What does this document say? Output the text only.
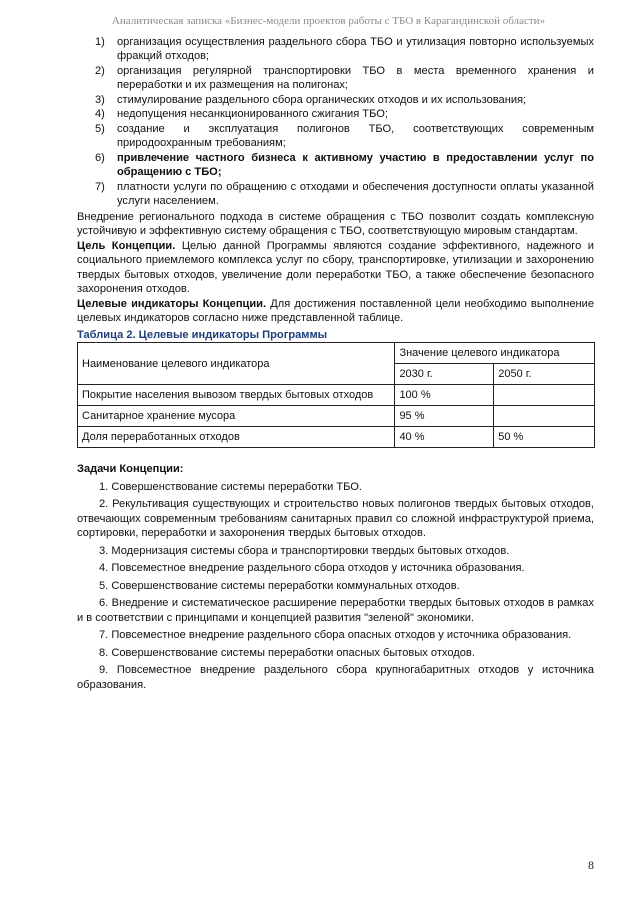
Аналитическая записка «Бизнес-модели проектов работы с ТБО в Карагандинской области»
1) организация осуществления раздельного сбора ТБО и утилизация повторно используемых фракций отходов;
2) организация регулярной транспортировки ТБО в места временного хранения и переработки и их размещения на полигонах;
3) стимулирование раздельного сбора органических отходов и их использования;
4) недопущения несанкционированного сжигания ТБО;
5) создание и эксплуатация полигонов ТБО, соответствующих современным природоохранным требованиям;
6) привлечение частного бизнеса к активному участию в предоставлении услуг по обращению с ТБО;
7) платности услуги по обращению с отходами и обеспечения доступности оплаты указанной услуги населением.

Внедрение регионального подхода в системе обращения с ТБО позволит создать комплексную устойчивую и эффективную систему обращения с ТБО, соответствующую мировым стандартам.

Цель Концепции. Целью данной Программы являются создание эффективного, надежного и социального приемлемого комплекса услуг по сбору, транспортировке, утилизации и захоронению твердых бытовых отходов, увеличение доли переработки ТБО, а также обеспечение безопасного захоронения отходов.

Целевые индикаторы Концепции. Для достижения поставленной цели необходимо выполнение целевых индикаторов согласно ниже представленной таблице.

Таблица 2. Целевые индикаторы Программы
Наименование целевого индикатора	Значение целевого индикатора	
	2030 г.	2050 г.
Покрытие населения вывозом твердых бытовых отходов	100 %	
Санитарное хранение мусора	95 %	
Доля переработанных отходов	40 %	50 %
Задачи Концепции:

1. Совершенствование системы переработки ТБО.

2. Рекультивация существующих и строительство новых полигонов твердых бытовых отходов, отвечающих современным требованиям санитарных правил со сложной инфраструктурой приема, сортировки, переработки и захоронения твердых бытовых отходов.

3. Модернизация системы сбора и транспортировки твердых бытовых отходов.

4. Повсеместное внедрение раздельного сбора отходов у источника образования.

5. Совершенствование системы переработки коммунальных отходов.

6. Внедрение и систематическое расширение переработки твердых бытовых отходов в рамках и в соответствии с принципами и концепцией развития "зеленой" экономики.

7. Повсеместное внедрение раздельного сбора опасных отходов у источника образования.

8. Совершенствование системы переработки опасных бытовых отходов.

9. Повсеместное внедрение раздельного сбора крупногабаритных отходов у источника образования.

8
